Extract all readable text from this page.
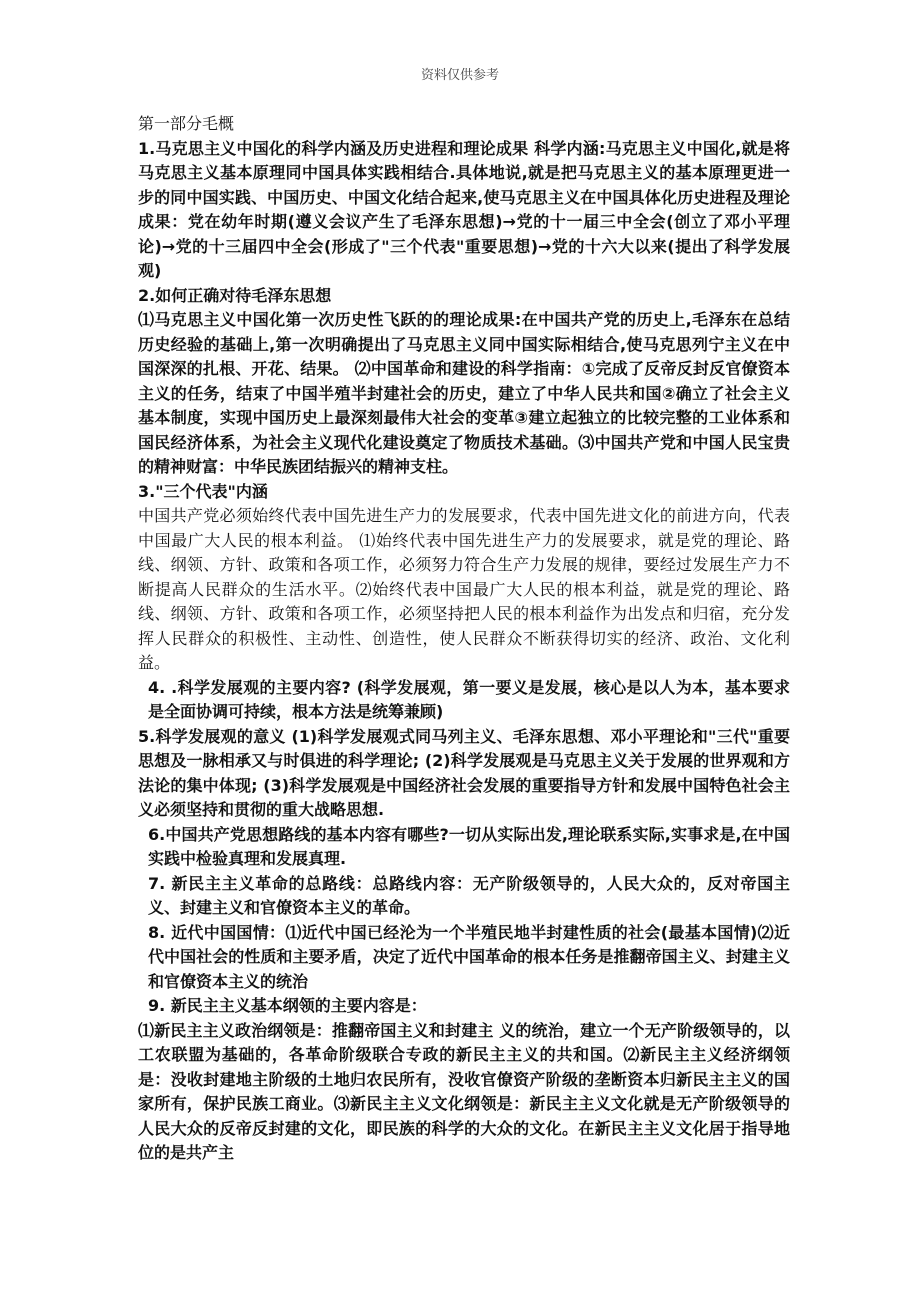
资料仅供参考

第一部分毛概

1.马克思主义中国化的科学内涵及历史进程和理论成果 科学内涵:马克思主义中国化,就是将马克思主义基本原理同中国具体实践相结合.具体地说,就是把马克思主义的基本原理更进一步的同中国实践、中国历史、中国文化结合起来,使马克思主义在中国具体化历史进程及理论成果：党在幼年时期(遵义会议产生了毛泽东思想)→党的十一届三中全会(创立了邓小平理论)→党的十三届四中全会(形成了"三个代表"重要思想)→党的十六大以来(提出了科学发展观)

2.如何正确对待毛泽东思想

⑴马克思主义中国化第一次历史性飞跃的的理论成果:在中国共产党的历史上,毛泽东在总结历史经验的基础上,第一次明确提出了马克思主义同中国实际相结合,使马克思列宁主义在中国深深的扎根、开花、结果。 ⑵中国革命和建设的科学指南：①完成了反帝反封反官僚资本主义的任务，结束了中国半殖半封建社会的历史，建立了中华人民共和国②确立了社会主义基本制度，实现中国历史上最深刻最伟大社会的变革③建立起独立的比较完整的工业体系和国民经济体系，为社会主义现代化建设奠定了物质技术基础。⑶中国共产党和中国人民宝贵的精神财富：中华民族团结振兴的精神支柱。

3."三个代表"内涵

中国共产党必须始终代表中国先进生产力的发展要求，代表中国先进文化的前进方向，代表中国最广大人民的根本利益。 ⑴始终代表中国先进生产力的发展要求，就是党的理论、路线、纲领、方针、政策和各项工作，必须努力符合生产力发展的规律，要经过发展生产力不断提高人民群众的生活水平。⑵始终代表中国最广大人民的根本利益，就是党的理论、路线、纲领、方针、政策和各项工作，必须坚持把人民的根本利益作为出发点和归宿，充分发挥人民群众的积极性、主动性、创造性，使人民群众不断获得切实的经济、政治、文化利益。

4. .科学发展观的主要内容? (科学发展观，第一要义是发展，核心是以人为本，基本要求是全面协调可持续，根本方法是统筹兼顾)

5.科学发展观的意义 (1)科学发展观式同马列主义、毛泽东思想、邓小平理论和"三代"重要思想及一脉相承又与时俱进的科学理论; (2)科学发展观是马克思主义关于发展的世界观和方法论的集中体现; (3)科学发展观是中国经济社会发展的重要指导方针和发展中国特色社会主义必须坚持和贯彻的重大战略思想.

6.中国共产党思想路线的基本内容有哪些?一切从实际出发,理论联系实际,实事求是,在中国实践中检验真理和发展真理.

7. 新民主主义革命的总路线：总路线内容：无产阶级领导的，人民大众的，反对帝国主义、封建主义和官僚资本主义的革命。

8. 近代中国国情：⑴近代中国已经沦为一个半殖民地半封建性质的社会(最基本国情)⑵近代中国社会的性质和主要矛盾，决定了近代中国革命的根本任务是推翻帝国主义、封建主义和官僚资本主义的统治

9. 新民主主义基本纲领的主要内容是：

⑴新民主主义政治纲领是：推翻帝国主义和封建主 义的统治，建立一个无产阶级领导的，以工农联盟为基础的，各革命阶级联合专政的新民主主义的共和国。⑵新民主主义经济纲领是：没收封建地主阶级的土地归农民所有，没收官僚资产阶级的垄断资本归新民主主义的国家所有，保护民族工商业。⑶新民主主义文化纲领是：新民主主义文化就是无产阶级领导的人民大众的反帝反封建的文化，即民族的科学的大众的文化。在新民主主义文化居于指导地位的是共产主
